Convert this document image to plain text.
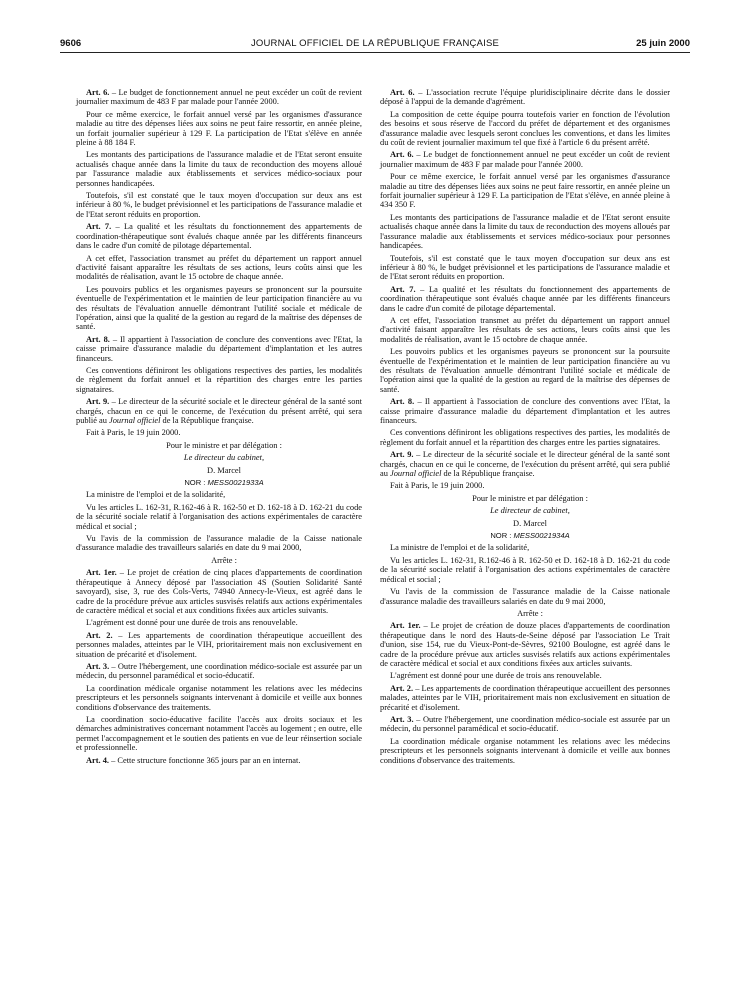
9606	JOURNAL OFFICIEL DE LA RÉPUBLIQUE FRANÇAISE	25 juin 2000

Art. 6. – Le budget de fonctionnement annuel ne peut excéder un coût de revient journalier maximum de 483 F par malade pour l'année 2000.

Pour ce même exercice, le forfait annuel versé par les organismes d'assurance maladie au titre des dépenses liées aux soins ne peut faire ressortir, en année pleine, un forfait journalier supérieur à 129 F. La participation de l'Etat s'élève en année pleine à 88 184 F.

Les montants des participations de l'assurance maladie et de l'Etat seront ensuite actualisés chaque année dans la limite du taux de reconduction des moyens alloué par l'assurance maladie aux établissements et services médico-sociaux pour personnes handicapées.

Toutefois, s'il est constaté que le taux moyen d'occupation sur deux ans est inférieur à 80 %, le budget prévisionnel et les participations de l'assurance maladie et de l'Etat seront réduits en proportion.

Art. 7. – La qualité et les résultats du fonctionnement des appartements de coordination-thérapeutique sont évalués chaque année par les différents financeurs dans le cadre d'un comité de pilotage départemental.

A cet effet, l'association transmet au préfet du département un rapport annuel d'activité faisant apparaître les résultats de ses actions, leurs coûts ainsi que les modalités de réalisation, avant le 15 octobre de chaque année.

Les pouvoirs publics et les organismes payeurs se prononcent sur la poursuite éventuelle de l'expérimentation et le maintien de leur participation financière au vu des résultats de l'évaluation annuelle démontrant l'utilité sociale et médicale de l'opération, ainsi que la qualité de la gestion au regard de la maîtrise des dépenses de santé.

Art. 8. – Il appartient à l'association de conclure des conventions avec l'Etat, la caisse primaire d'assurance maladie du département d'implantation et les autres financeurs.

Ces conventions définiront les obligations respectives des parties, les modalités de règlement du forfait annuel et la répartition des charges entre les parties signataires.

Art. 9. – Le directeur de la sécurité sociale et le directeur général de la santé sont chargés, chacun en ce qui le concerne, de l'exécution du présent arrêté, qui sera publié au Journal officiel de la République française.

Fait à Paris, le 19 juin 2000.

Pour le ministre et par délégation :

Le directeur du cabinet,

D. Marcel

NOR : MESS0021933A

La ministre de l'emploi et de la solidarité,

Vu les articles L. 162-31, R.162-46 à R. 162-50 et D. 162-18 à D. 162-21 du code de la sécurité sociale relatif à l'organisation des actions expérimentales de caractère médical et social ;

Vu l'avis de la commission de l'assurance maladie de la Caisse nationale d'assurance maladie des travailleurs salariés en date du 9 mai 2000,

Arrête :

Art. 1er. – Le projet de création de cinq places d'appartements de coordination thérapeutique à Annecy déposé par l'association 4S (Soutien Solidarité Santé savoyard), sise, 3, rue des Cols-Verts, 74940 Annecy-le-Vieux, est agréé dans le cadre de la procédure prévue aux articles susvisés relatifs aux actions expérimentales de caractère médical et social et aux conditions fixées aux articles suivants.

L'agrément est donné pour une durée de trois ans renouvelable.

Art. 2. – Les appartements de coordination thérapeutique accueillent des personnes malades, atteintes par le VIH, prioritairement mais non exclusivement en situation de précarité et d'isolement.

Art. 3. – Outre l'hébergement, une coordination médico-sociale est assurée par un médecin, du personnel paramédical et socio-éducatif.

La coordination médicale organise notamment les relations avec les médecins prescripteurs et les personnels soignants intervenant à domicile et veille aux bonnes conditions d'observance des traitements.

La coordination socio-éducative facilite l'accès aux droits sociaux et les démarches administratives concernant notamment l'accès au logement ; en outre, elle permet l'accompagnement et le soutien des patients en vue de leur réinsertion sociale et professionnelle.

Art. 4. – Cette structure fonctionne 365 jours par an en internat.

Art. 6. – L'association recrute l'équipe pluridisciplinaire décrite dans le dossier déposé à l'appui de la demande d'agrément.

La composition de cette équipe pourra toutefois varier en fonction de l'évolution des besoins et sous réserve de l'accord du préfet de département et des organismes d'assurance maladie avec lesquels seront conclues les conventions, et dans les limites du coût de revient journalier maximum tel que fixé à l'article 6 du présent arrêté.

Art. 6. – Le budget de fonctionnement annuel ne peut excéder un coût de revient journalier maximum de 483 F par malade pour l'année 2000.

Pour ce même exercice, le forfait annuel versé par les organismes d'assurance maladie au titre des dépenses liées aux soins ne peut faire ressortir, en année pleine un forfait journalier supérieur à 129 F. La participation de l'Etat s'élève, en année pleine à 434 350 F.

Les montants des participations de l'assurance maladie et de l'Etat seront ensuite actualisés chaque année dans la limite du taux de reconduction des moyens alloués par l'assurance maladie aux établissements et services médico-sociaux pour personnes handicapées.

Toutefois, s'il est constaté que le taux moyen d'occupation sur deux ans est inférieur à 80 %, le budget prévisionnel et les participations de l'assurance maladie et de l'Etat seront réduits en proportion.

Art. 7. – La qualité et les résultats du fonctionnement des appartements de coordination thérapeutique sont évalués chaque année par les différents financeurs dans le cadre d'un comité de pilotage départemental.

A cet effet, l'association transmet au préfet du département un rapport annuel d'activité faisant apparaître les résultats de ses actions, leurs coûts ainsi que les modalités de réalisation, avant le 15 octobre de chaque année.

Les pouvoirs publics et les organismes payeurs se prononcent sur la poursuite éventuelle de l'expérimentation et le maintien de leur participation financière au vu des résultats de l'évaluation annuelle démontrant l'utilité sociale et médicale de l'opération ainsi que la qualité de la gestion au regard de la maîtrise des dépenses de santé.

Art. 8. – Il appartient à l'association de conclure des conventions avec l'Etat, la caisse primaire d'assurance maladie du département d'implantation et les autres financeurs.

Ces conventions définiront les obligations respectives des parties, les modalités de règlement du forfait annuel et la répartition des charges entre les parties signataires.

Art. 9. – Le directeur de la sécurité sociale et le directeur général de la santé sont chargés, chacun en ce qui le concerne, de l'exécution du présent arrêté, qui sera publié au Journal officiel de la République française.

Fait à Paris, le 19 juin 2000.

Pour le ministre et par délégation :

Le directeur de cabinet,

D. Marcel

NOR : MESS0021934A

La ministre de l'emploi et de la solidarité,

Vu les articles L. 162-31, R.162-46 à R. 162-50 et D. 162-18 à D. 162-21 du code de la sécurité sociale relatif à l'organisation des actions expérimentales de caractère médical et social ;

Vu l'avis de la commission de l'assurance maladie de la Caisse nationale d'assurance maladie des travailleurs salariés en date du 9 mai 2000,

Arrête :

Art. 1er. – Le projet de création de douze places d'appartements de coordination thérapeutique dans le nord des Hauts-de-Seine déposé par l'association Le Trait d'union, sise 154, rue du Vieux-Pont-de-Sèvres, 92100 Boulogne, est agréé dans le cadre de la procédure prévue aux articles susvisés relatifs aux actions expérimentales de caractère médical et social et aux conditions fixées aux articles suivants.

L'agrément est donné pour une durée de trois ans renouvelable.

Art. 2. – Les appartements de coordination thérapeutique accueillent des personnes malades, atteintes par le VIH, prioritairement mais non exclusivement en situation de précarité et d'isolement.

Art. 3. – Outre l'hébergement, une coordination médico-sociale est assurée par un médecin, du personnel paramédical et socio-éducatif.

La coordination médicale organise notamment les relations avec les médecins prescripteurs et les personnels soignants intervenant à domicile et veille aux bonnes conditions d'observance des traitements.
